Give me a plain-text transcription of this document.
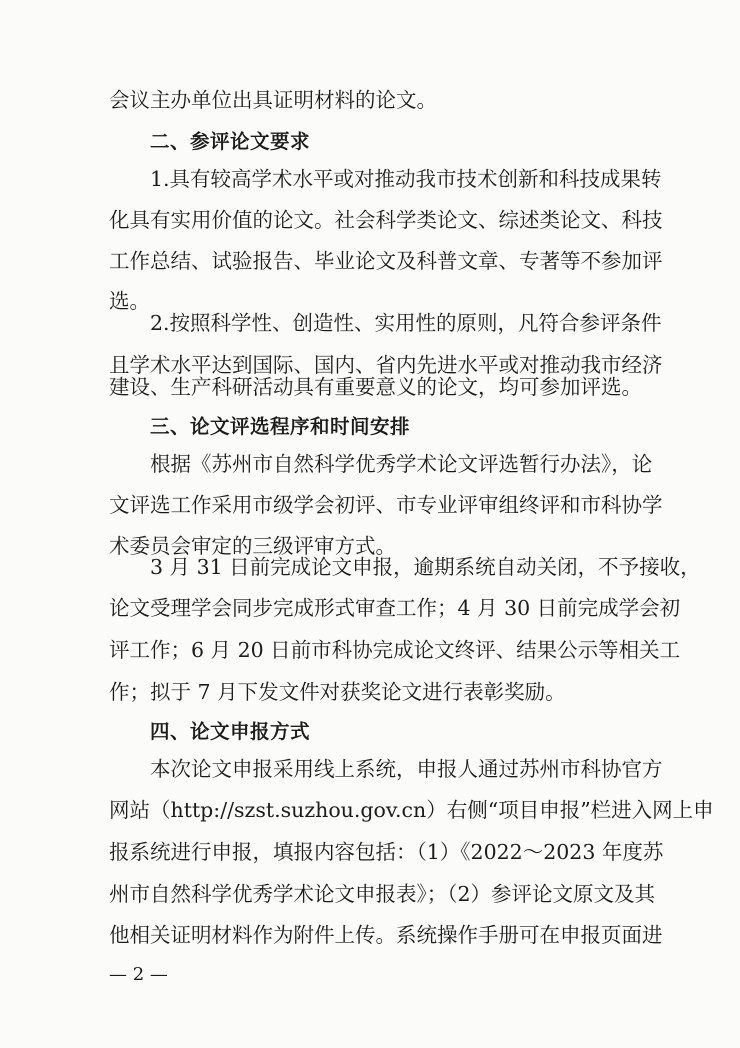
会议主办单位出具证明材料的论文。
二、参评论文要求
1.具有较高学术水平或对推动我市技术创新和科技成果转
化具有实用价值的论文。社会科学类论文、综述类论文、科技
工作总结、试验报告、毕业论文及科普文章、专著等不参加评
选。
2.按照科学性、创造性、实用性的原则，凡符合参评条件
且学术水平达到国际、国内、省内先进水平或对推动我市经济
建设、生产科研活动具有重要意义的论文，均可参加评选。
三、论文评选程序和时间安排
根据《苏州市自然科学优秀学术论文评选暂行办法》，论
文评选工作采用市级学会初评、市专业评审组终评和市科协学
术委员会审定的三级评审方式。
3 月 31 日前完成论文申报，逾期系统自动关闭，不予接收，
论文受理学会同步完成形式审查工作；4 月 30 日前完成学会初
评工作；6 月 20 日前市科协完成论文终评、结果公示等相关工
作；拟于 7 月下发文件对获奖论文进行表彰奖励。
四、论文申报方式
本次论文申报采用线上系统，申报人通过苏州市科协官方
网站（http://szst.suzhou.gov.cn）右侧“项目申报”栏进入网上申
报系统进行申报，填报内容包括：（1）《2022～2023 年度苏
州市自然科学优秀学术论文申报表》；（2）参评论文原文及其
他相关证明材料作为附件上传。系统操作手册可在申报页面进
— 2 —
